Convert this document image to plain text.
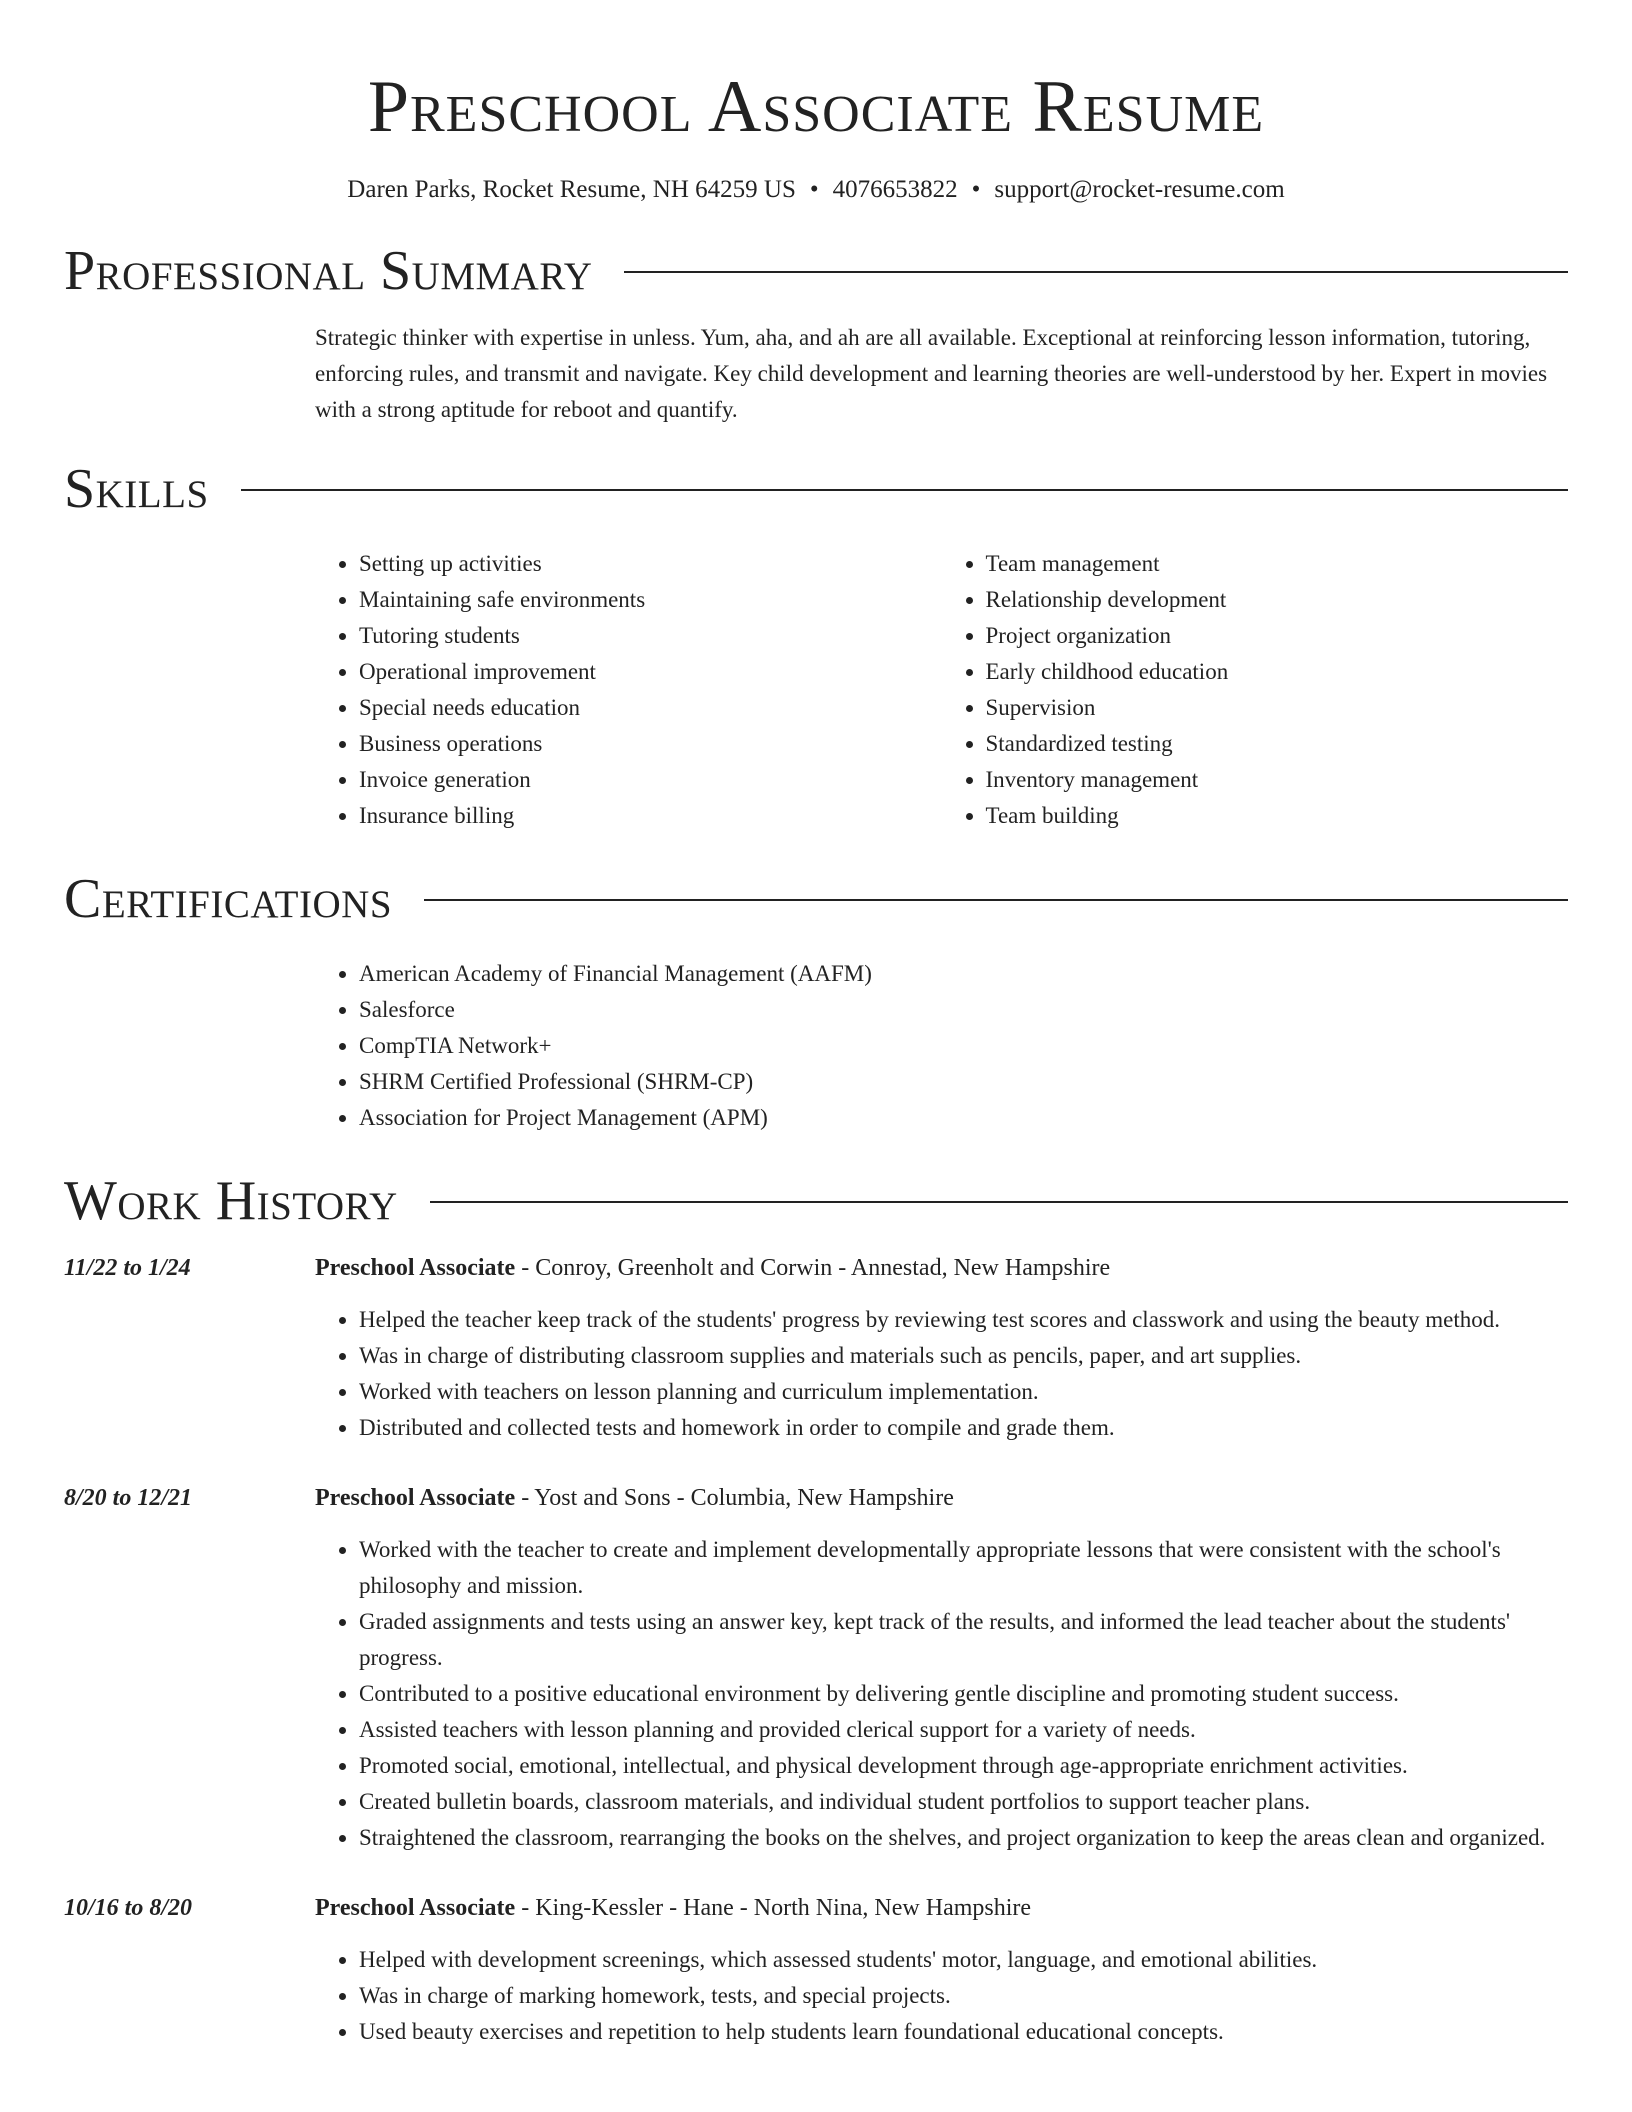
Preschool Associate Resume
Daren Parks, Rocket Resume, NH 64259 US • 4076653822 • support@rocket-resume.com
Professional Summary
Strategic thinker with expertise in unless. Yum, aha, and ah are all available. Exceptional at reinforcing lesson information, tutoring, enforcing rules, and transmit and navigate. Key child development and learning theories are well-understood by her. Expert in movies with a strong aptitude for reboot and quantify.
Skills
• Setting up activities
• Maintaining safe environments
• Tutoring students
• Operational improvement
• Special needs education
• Business operations
• Invoice generation
• Insurance billing
• Team management
• Relationship development
• Project organization
• Early childhood education
• Supervision
• Standardized testing
• Inventory management
• Team building
Certifications
• American Academy of Financial Management (AAFM)
• Salesforce
• CompTIA Network+
• SHRM Certified Professional (SHRM-CP)
• Association for Project Management (APM)
Work History
11/22 to 1/24	Preschool Associate - Conroy, Greenholt and Corwin - Annestad, New Hampshire
• Helped the teacher keep track of the students' progress by reviewing test scores and classwork and using the beauty method.
• Was in charge of distributing classroom supplies and materials such as pencils, paper, and art supplies.
• Worked with teachers on lesson planning and curriculum implementation.
• Distributed and collected tests and homework in order to compile and grade them.
8/20 to 12/21	Preschool Associate - Yost and Sons - Columbia, New Hampshire
• Worked with the teacher to create and implement developmentally appropriate lessons that were consistent with the school's philosophy and mission.
• Graded assignments and tests using an answer key, kept track of the results, and informed the lead teacher about the students' progress.
• Contributed to a positive educational environment by delivering gentle discipline and promoting student success.
• Assisted teachers with lesson planning and provided clerical support for a variety of needs.
• Promoted social, emotional, intellectual, and physical development through age-appropriate enrichment activities.
• Created bulletin boards, classroom materials, and individual student portfolios to support teacher plans.
• Straightened the classroom, rearranging the books on the shelves, and project organization to keep the areas clean and organized.
10/16 to 8/20	Preschool Associate - King-Kessler - Hane - North Nina, New Hampshire
• Helped with development screenings, which assessed students' motor, language, and emotional abilities.
• Was in charge of marking homework, tests, and special projects.
• Used beauty exercises and repetition to help students learn foundational educational concepts.
